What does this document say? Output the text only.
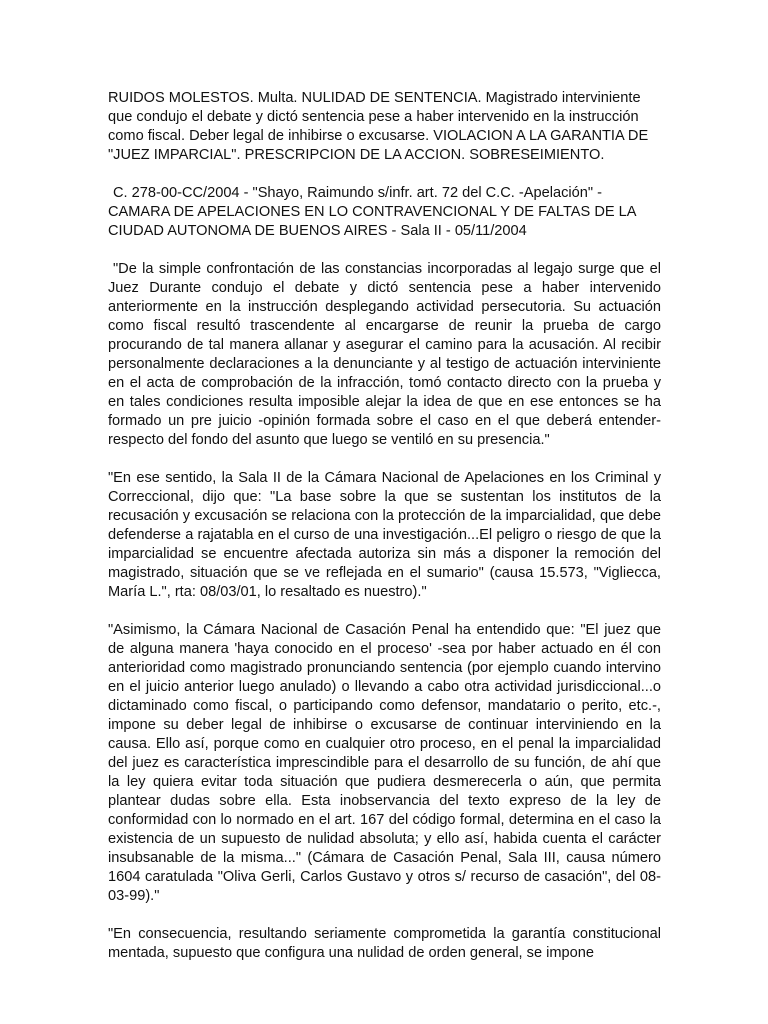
RUIDOS MOLESTOS. Multa. NULIDAD DE SENTENCIA. Magistrado interviniente que condujo el debate y dictó sentencia pese a haber intervenido en la instrucción como fiscal. Deber legal de inhibirse o excusarse. VIOLACION A LA GARANTIA DE "JUEZ IMPARCIAL". PRESCRIPCION DE LA ACCION. SOBRESEIMIENTO.

C. 278-00-CC/2004 - "Shayo, Raimundo s/infr. art. 72 del C.C. -Apelación" - CAMARA DE APELACIONES EN LO CONTRAVENCIONAL Y DE FALTAS DE LA CIUDAD AUTONOMA DE BUENOS AIRES - Sala II - 05/11/2004

"De la simple confrontación de las constancias incorporadas al legajo surge que el Juez Durante condujo el debate y dictó sentencia pese a haber intervenido anteriormente en la instrucción desplegando actividad persecutoria. Su actuación como fiscal resultó trascendente al encargarse de reunir la prueba de cargo procurando de tal manera allanar y asegurar el camino para la acusación. Al recibir personalmente declaraciones a la denunciante y al testigo de actuación interviniente en el acta de comprobación de la infracción, tomó contacto directo con la prueba y en tales condiciones resulta imposible alejar la idea de que en ese entonces se ha formado un pre juicio -opinión formada sobre el caso en el que deberá entender- respecto del fondo del asunto que luego se ventiló en su presencia."

"En ese sentido, la Sala II de la Cámara Nacional de Apelaciones en los Criminal y Correccional, dijo que: "La base sobre la que se sustentan los institutos de la recusación y excusación se relaciona con la protección de la imparcialidad, que debe defenderse a rajatabla en el curso de una investigación...El peligro o riesgo de que la imparcialidad se encuentre afectada autoriza sin más a disponer la remoción del magistrado, situación que se ve reflejada en el sumario" (causa 15.573, "Vigliecca, María L.", rta: 08/03/01, lo resaltado es nuestro)."

"Asimismo, la Cámara Nacional de Casación Penal ha entendido que: "El juez que de alguna manera 'haya conocido en el proceso' -sea por haber actuado en él con anterioridad como magistrado pronunciando sentencia (por ejemplo cuando intervino en el juicio anterior luego anulado) o llevando a cabo otra actividad jurisdiccional...o dictaminado como fiscal, o participando como defensor, mandatario o perito, etc.-, impone su deber legal de inhibirse o excusarse de continuar interviniendo en la causa. Ello así, porque como en cualquier otro proceso, en el penal la imparcialidad del juez es característica imprescindible para el desarrollo de su función, de ahí que la ley quiera evitar toda situación que pudiera desmerecerla o aún, que permita plantear dudas sobre ella. Esta inobservancia del texto expreso de la ley de conformidad con lo normado en el art. 167 del código formal, determina en el caso la existencia de un supuesto de nulidad absoluta; y ello así, habida cuenta el carácter insubsanable de la misma..." (Cámara de Casación Penal, Sala III, causa número 1604 caratulada "Oliva Gerli, Carlos Gustavo y otros s/ recurso de casación", del 08-03-99)."

"En consecuencia, resultando seriamente comprometida la garantía constitucional mentada, supuesto que configura una nulidad de orden general, se impone
